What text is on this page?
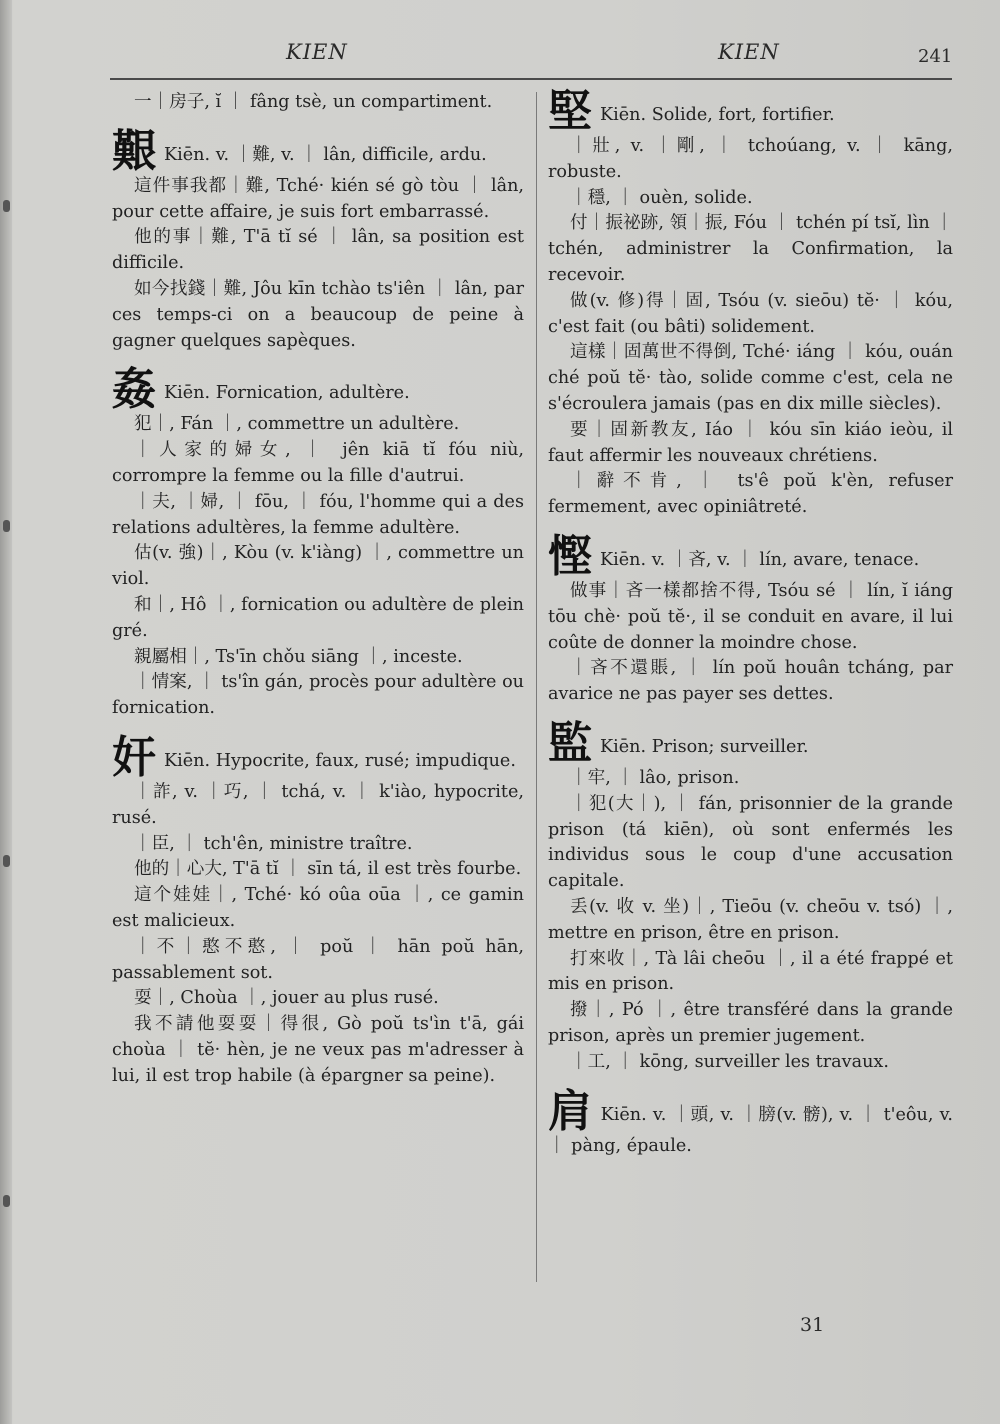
KIEN	KIEN	241

一｜房子, ĭ ｜ fâng tsè, un compartiment.

艱 Kiēn. v. ｜難, v. ｜ lân, difficile, ardu.

這件事我都｜難, Tché· kién sé gò tòu ｜ lân, pour cette affaire, je suis fort embarrassé.

他的事｜難, T'ā tĭ sé ｜ lân, sa position est difficile.

如今找錢｜難, Jôu kīn tchào ts'iên ｜ lân, par ces temps-ci on a beaucoup de peine à gagner quelques sapèques.

姦 Kiēn. Fornication, adultère.

犯｜, Fán ｜, commettre un adultère.

｜人家的婦女, ｜ jên kiā tĭ fóu niù, corrompre la femme ou la fille d'autrui.

｜夫, ｜婦, ｜ fōu, ｜ fóu, l'homme qui a des relations adultères, la femme adultère.

估(v. 強)｜, Kòu (v. k'iàng) ｜, commettre un viol.

和｜, Hô ｜, fornication ou adultère de plein gré.

親屬相｜, Ts'īn chǒu siāng ｜, inceste.

｜情案, ｜ ts'în gán, procès pour adultère ou fornication.

奸 Kiēn. Hypocrite, faux, rusé; impudique.

｜詐, v. ｜巧, ｜ tchá, v. ｜ k'iào, hypocrite, rusé.

｜臣, ｜ tch'ên, ministre traître.

他的｜心大, T'ā tĭ ｜ sīn tá, il est très fourbe.

這个娃娃｜, Tché· kó oûa oūa ｜, ce gamin est malicieux.

｜不｜憨不憨, ｜ poŭ ｜ hān poŭ hān, passablement sot.

耍｜, Choùa ｜, jouer au plus rusé.

我不請他耍耍｜得很, Gò poŭ ts'ìn t'ā, gái choùa ｜ tĕ· hèn, je ne veux pas m'adresser à lui, il est trop habile (à épargner sa peine).

堅 Kiēn. Solide, fort, fortifier.

｜壯, v. ｜剛, ｜ tchoúang, v. ｜ kāng, robuste.

｜穩, ｜ ouèn, solide.

付｜振祕跡, 領｜振, Fóu ｜ tchén pí tsĭ, lìn ｜ tchén, administrer la Confirmation, la recevoir.

做(v. 修)得｜固, Tsóu (v. sieōu) tĕ· ｜ kóu, c'est fait (ou bâti) solidement.

這樣｜固萬世不得倒, Tché· iáng ｜ kóu, ouán ché poŭ tĕ· tào, solide comme c'est, cela ne s'écroulera jamais (pas en dix mille siècles).

要｜固新教友, Iáo ｜ kóu sīn kiáo ieòu, il faut affermir les nouveaux chrétiens.

｜辭不肯, ｜ ts'ê poŭ k'èn, refuser fermement, avec opiniâtreté.

慳 Kiēn. v. ｜吝, v. ｜ lín, avare, tenace.

做事｜吝一樣都捨不得, Tsóu sé ｜ lín, ĭ iáng tōu chè· poŭ tĕ·, il se conduit en avare, il lui coûte de donner la moindre chose.

｜吝不還賬, ｜ lín poŭ houân tcháng, par avarice ne pas payer ses dettes.

監 Kiēn. Prison; surveiller.

｜牢, ｜ lâo, prison.

｜犯(大｜), ｜ fán, prisonnier de la grande prison (tá kiēn), où sont enfermés les individus sous le coup d'une accusation capitale.

丢(v. 收 v. 坐)｜, Tieōu (v. cheōu v. tsó) ｜, mettre en prison, être en prison.

打來收｜, Tà lâi cheōu ｜, il a été frappé et mis en prison.

撥｜, Pó ｜, être transféré dans la grande prison, après un premier jugement.

｜工, ｜ kōng, surveiller les travaux.

肩 Kiēn. v. ｜頭, v. ｜膀(v. 髈), v. ｜ t'eôu, v. ｜ pàng, épaule.

31
